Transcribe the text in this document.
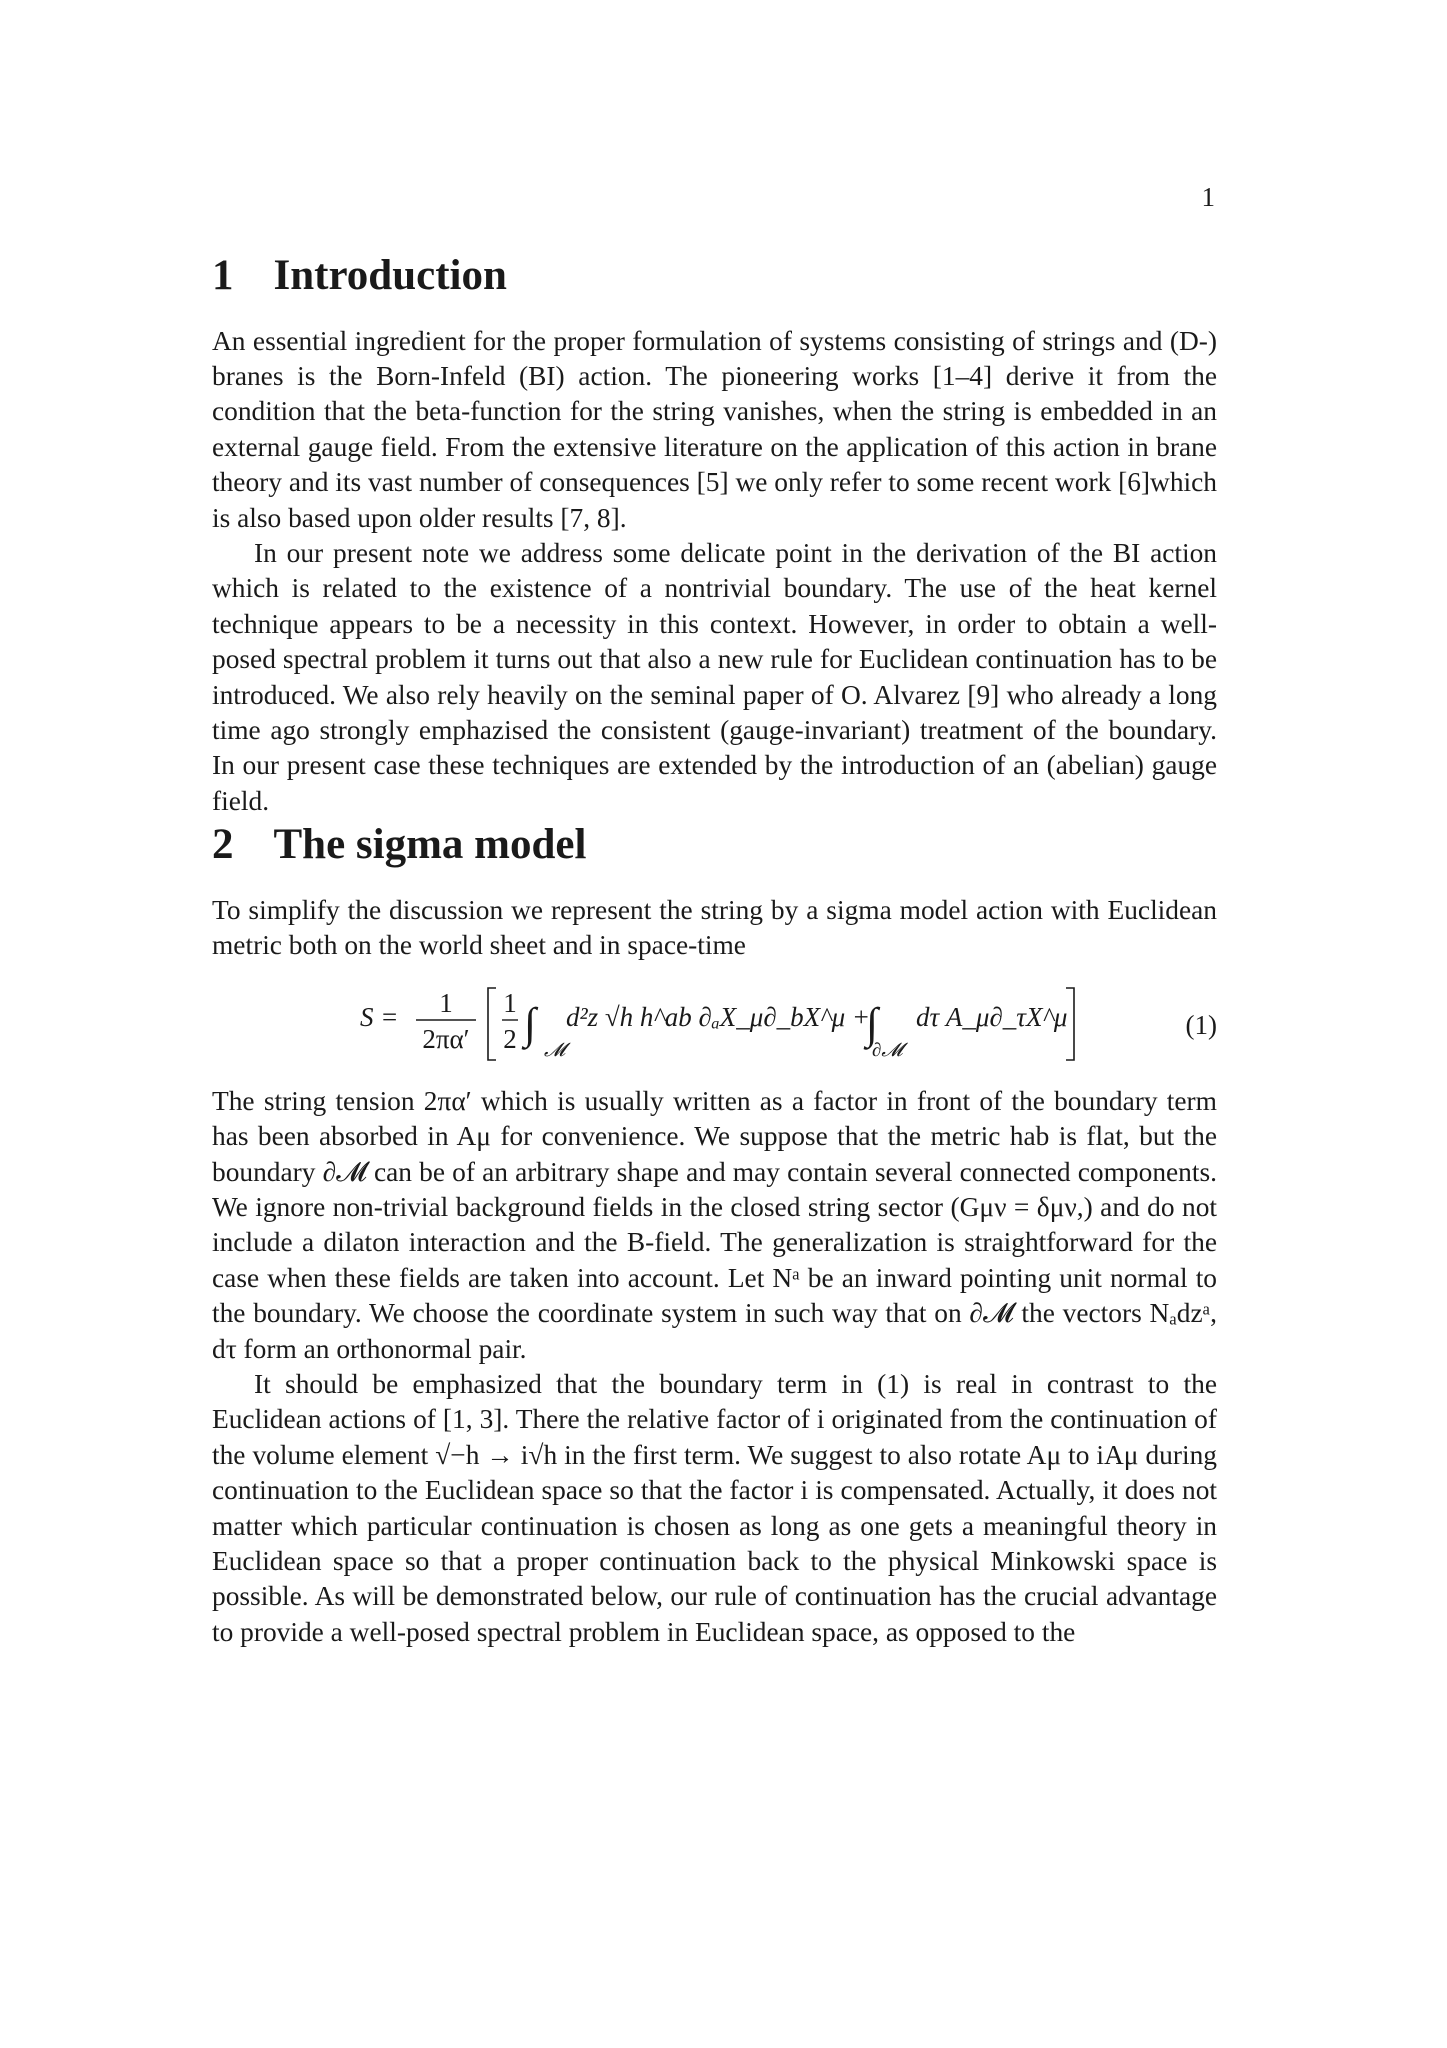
1
1 Introduction

An essential ingredient for the proper formulation of systems consisting of strings and (D-) branes is the Born-Infeld (BI) action. The pioneering works [1–4] derive it from the condition that the beta-function for the string vanishes, when the string is embedded in an external gauge field. From the extensive literature on the application of this action in brane theory and its vast number of consequences [5] we only refer to some recent work [6]which is also based upon older results [7, 8].

In our present note we address some delicate point in the derivation of the BI action which is related to the existence of a nontrivial boundary. The use of the heat kernel technique appears to be a necessity in this context. However, in order to obtain a well-posed spectral problem it turns out that also a new rule for Euclidean continuation has to be introduced. We also rely heavily on the seminal paper of O. Alvarez [9] who already a long time ago strongly emphazised the consistent (gauge-invariant) treatment of the boundary. In our present case these techniques are extended by the introduction of an (abelian) gauge field.

2 The sigma model

To simplify the discussion we represent the string by a sigma model action with Euclidean metric both on the world sheet and in space-time

S = 1
2πα′
1
2 ∫
𝓜
d²z √h h^ab ∂ₐX_μ∂_bX^μ +
∫
∂𝓜
dτ A_μ∂_τX^μ	(1)

The string tension 2πα′ which is usually written as a factor in front of the boundary term has been absorbed in Aμ for convenience. We suppose that the metric hab is flat, but the boundary ∂𝓜 can be of an arbitrary shape and may contain several connected components. We ignore non-trivial background fields in the closed string sector (Gμν = δμν,) and do not include a dilaton interaction and the B-field. The generalization is straightforward for the case when these fields are taken into account. Let Nᵃ be an inward pointing unit normal to the boundary. We choose the coordinate system in such way that on ∂𝓜 the vectors Nₐdzᵃ, dτ form an orthonormal pair.

It should be emphasized that the boundary term in (1) is real in contrast to the Euclidean actions of [1, 3]. There the relative factor of i originated from the continuation of the volume element √−h → i√h in the first term. We suggest to also rotate Aμ to iAμ during continuation to the Euclidean space so that the factor i is compensated. Actually, it does not matter which particular continuation is chosen as long as one gets a meaningful theory in Euclidean space so that a proper continuation back to the physical Minkowski space is possible. As will be demonstrated below, our rule of continuation has the crucial advantage to provide a well-posed spectral problem in Euclidean space, as opposed to the
